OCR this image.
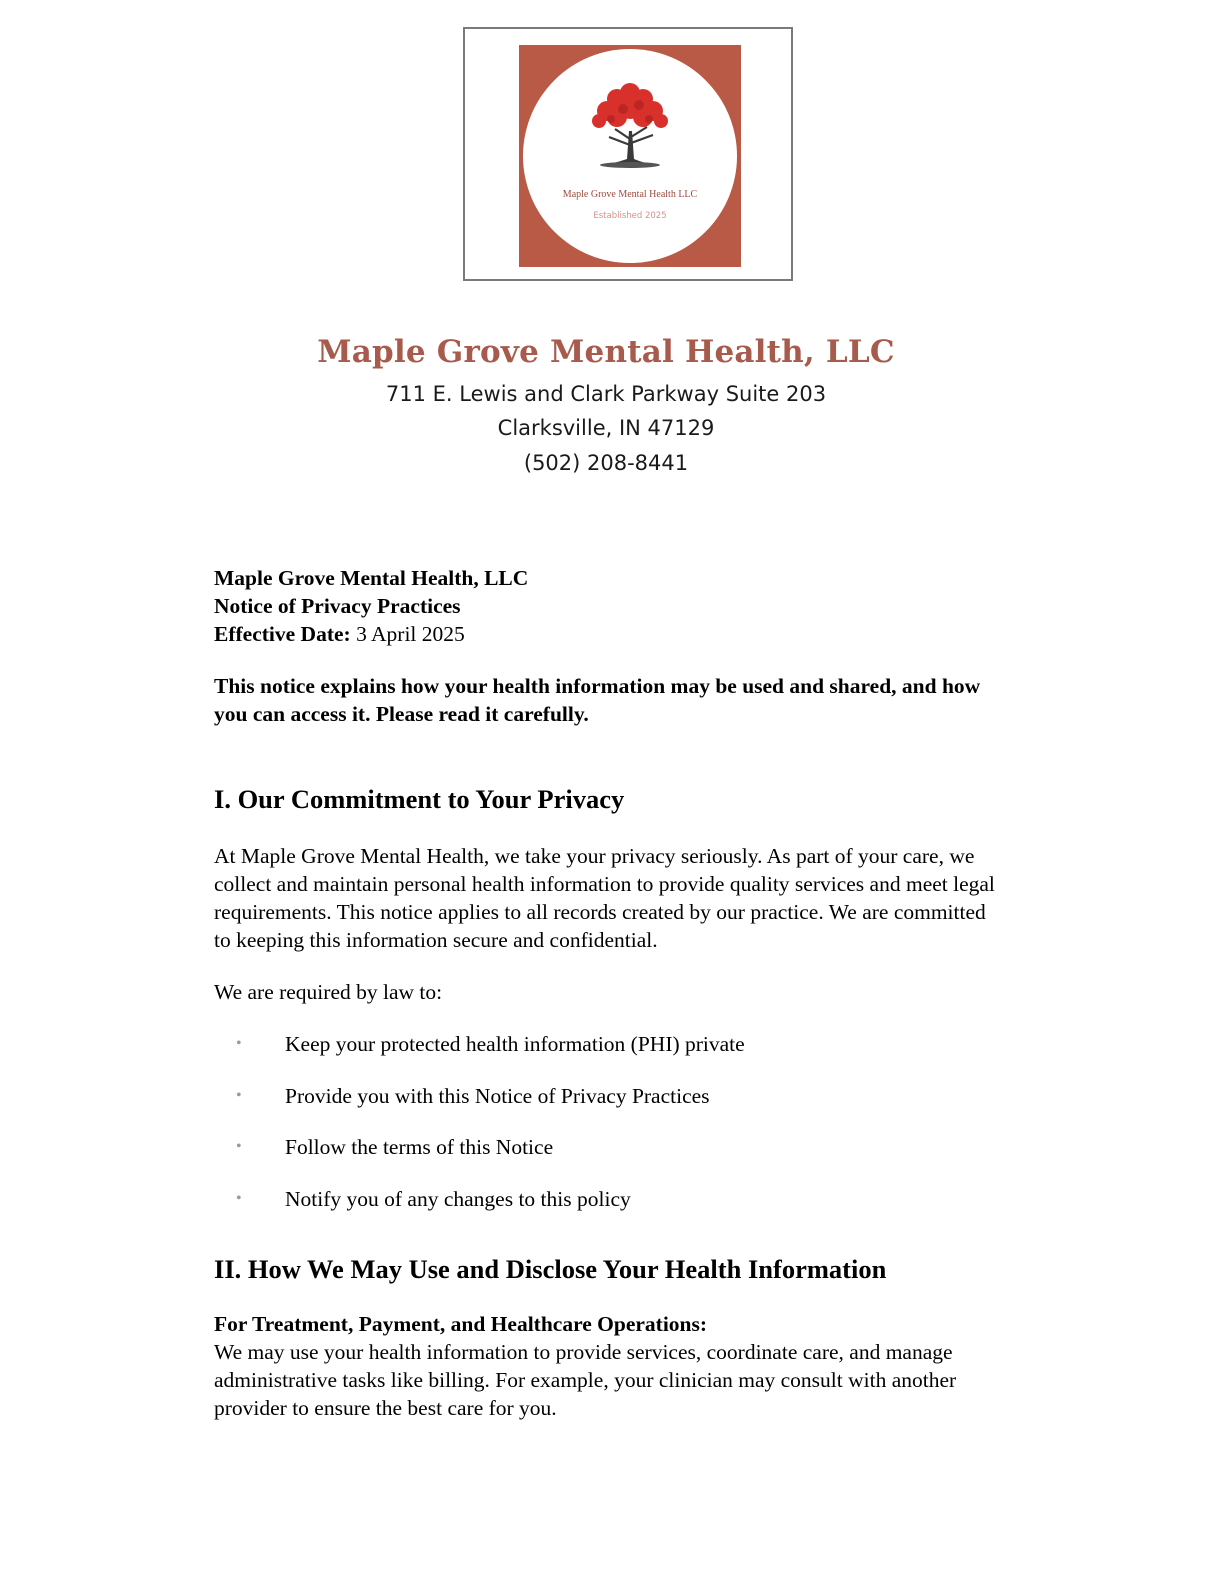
Maple Grove Mental Health LLC
Established 2025
Maple Grove Mental Health, LLC
711 E. Lewis and Clark Parkway Suite 203
Clarksville, IN 47129
(502) 208-8441

Maple Grove Mental Health, LLC

Notice of Privacy Practices

Effective Date: 3 April 2025

This notice explains how your health information may be used and shared, and how you can access it. Please read it carefully.

I. Our Commitment to Your Privacy

At Maple Grove Mental Health, we take your privacy seriously. As part of your care, we collect and maintain personal health information to provide quality services and meet legal requirements. This notice applies to all records created by our practice. We are committed to keeping this information secure and confidential.

We are required by law to:

• Keep your protected health information (PHI) private
• Provide you with this Notice of Privacy Practices
• Follow the terms of this Notice
• Notify you of any changes to this policy
II. How We May Use and Disclose Your Health Information

For Treatment, Payment, and Healthcare Operations:

We may use your health information to provide services, coordinate care, and manage administrative tasks like billing. For example, your clinician may consult with another provider to ensure the best care for you.
